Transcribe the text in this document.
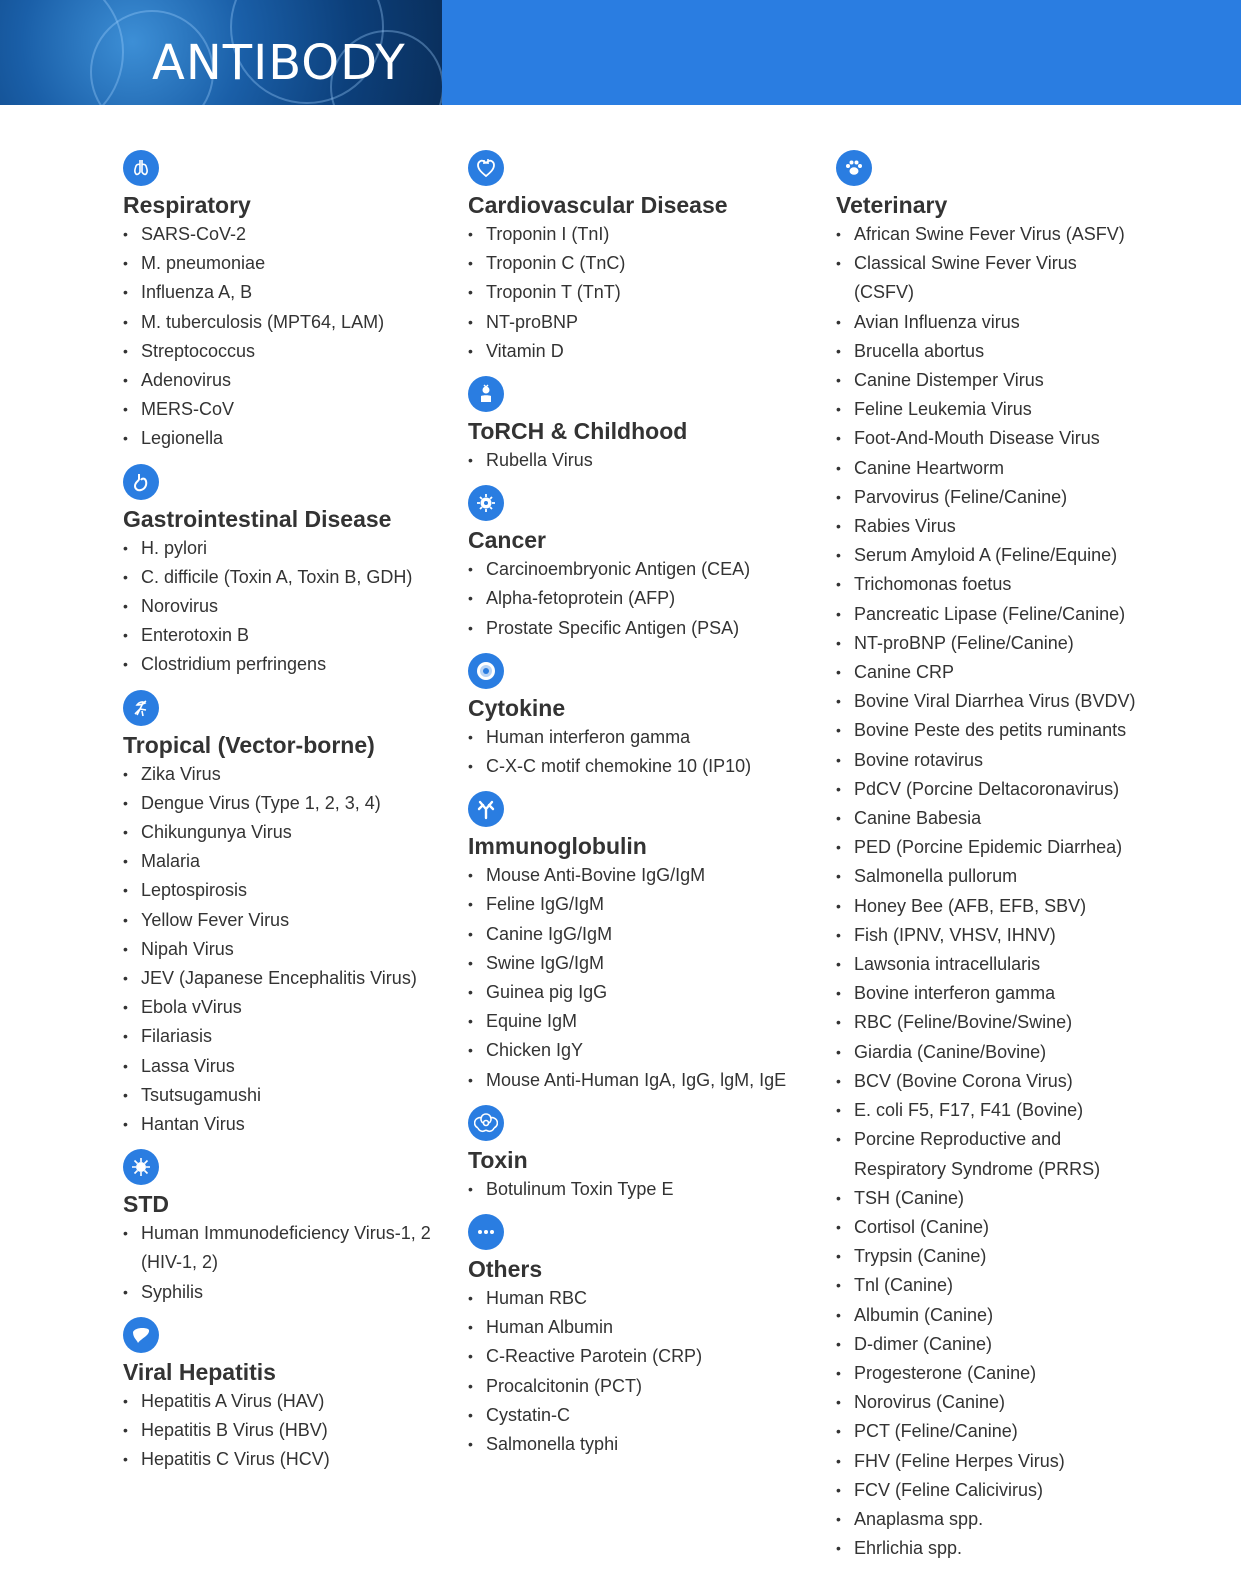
ANTIBODY
Respiratory
• SARS-CoV-2
• M. pneumoniae
• Influenza A, B
• M. tuberculosis (MPT64, LAM)
• Streptococcus
• Adenovirus
• MERS-CoV
• Legionella
Gastrointestinal Disease
• H. pylori
• C. difficile (Toxin A, Toxin B, GDH)
• Norovirus
• Enterotoxin B
• Clostridium perfringens
Tropical (Vector-borne)
• Zika Virus
• Dengue Virus (Type 1, 2, 3, 4)
• Chikungunya Virus
• Malaria
• Leptospirosis
• Yellow Fever Virus
• Nipah Virus
• JEV (Japanese Encephalitis Virus)
• Ebola vVirus
• Filariasis
• Lassa Virus
• Tsutsugamushi
• Hantan Virus
STD
• Human Immunodeficiency Virus-1, 2 (HIV-1, 2)
• Syphilis
Viral Hepatitis
• Hepatitis A Virus (HAV)
• Hepatitis B Virus (HBV)
• Hepatitis C Virus (HCV)
Cardiovascular Disease
• Troponin I (TnI)
• Troponin C (TnC)
• Troponin T (TnT)
• NT-proBNP
• Vitamin D
ToRCH & Childhood
• Rubella Virus
Cancer
• Carcinoembryonic Antigen (CEA)
• Alpha-fetoprotein (AFP)
• Prostate Specific Antigen (PSA)
Cytokine
• Human interferon gamma
• C-X-C motif chemokine 10 (IP10)
Immunoglobulin
• Mouse Anti-Bovine IgG/IgM
• Feline IgG/IgM
• Canine IgG/IgM
• Swine IgG/IgM
• Guinea pig IgG
• Equine IgM
• Chicken IgY
• Mouse Anti-Human IgA, IgG, lgM, IgE
Toxin
• Botulinum Toxin Type E
Others
• Human RBC
• Human Albumin
• C-Reactive Parotein (CRP)
• Procalcitonin (PCT)
• Cystatin-C
• Salmonella typhi
Veterinary
• African Swine Fever Virus (ASFV)
• Classical Swine Fever Virus (CSFV)
• Avian Influenza virus
• Brucella abortus
• Canine Distemper Virus
• Feline Leukemia Virus
• Foot-And-Mouth Disease Virus
• Canine Heartworm
• Parvovirus (Feline/Canine)
• Rabies Virus
• Serum Amyloid A (Feline/Equine)
• Trichomonas foetus
• Pancreatic Lipase (Feline/Canine)
• NT-proBNP (Feline/Canine)
• Canine CRP
• Bovine Viral Diarrhea Virus (BVDV)
• Bovine Peste des petits ruminants
• Bovine rotavirus
• PdCV (Porcine Deltacoronavirus)
• Canine Babesia
• PED (Porcine Epidemic Diarrhea)
• Salmonella pullorum
• Honey Bee (AFB, EFB, SBV)
• Fish (IPNV, VHSV, IHNV)
• Lawsonia intracellularis
• Bovine interferon gamma
• RBC (Feline/Bovine/Swine)
• Giardia (Canine/Bovine)
• BCV (Bovine Corona Virus)
• E. coli F5, F17, F41 (Bovine)
• Porcine Reproductive and Respiratory Syndrome (PRRS)
• TSH (Canine)
• Cortisol (Canine)
• Trypsin (Canine)
• Tnl (Canine)
• Albumin (Canine)
• D-dimer (Canine)
• Progesterone (Canine)
• Norovirus (Canine)
• PCT (Feline/Canine)
• FHV (Feline Herpes Virus)
• FCV (Feline Calicivirus)
• Anaplasma spp.
• Ehrlichia spp.
